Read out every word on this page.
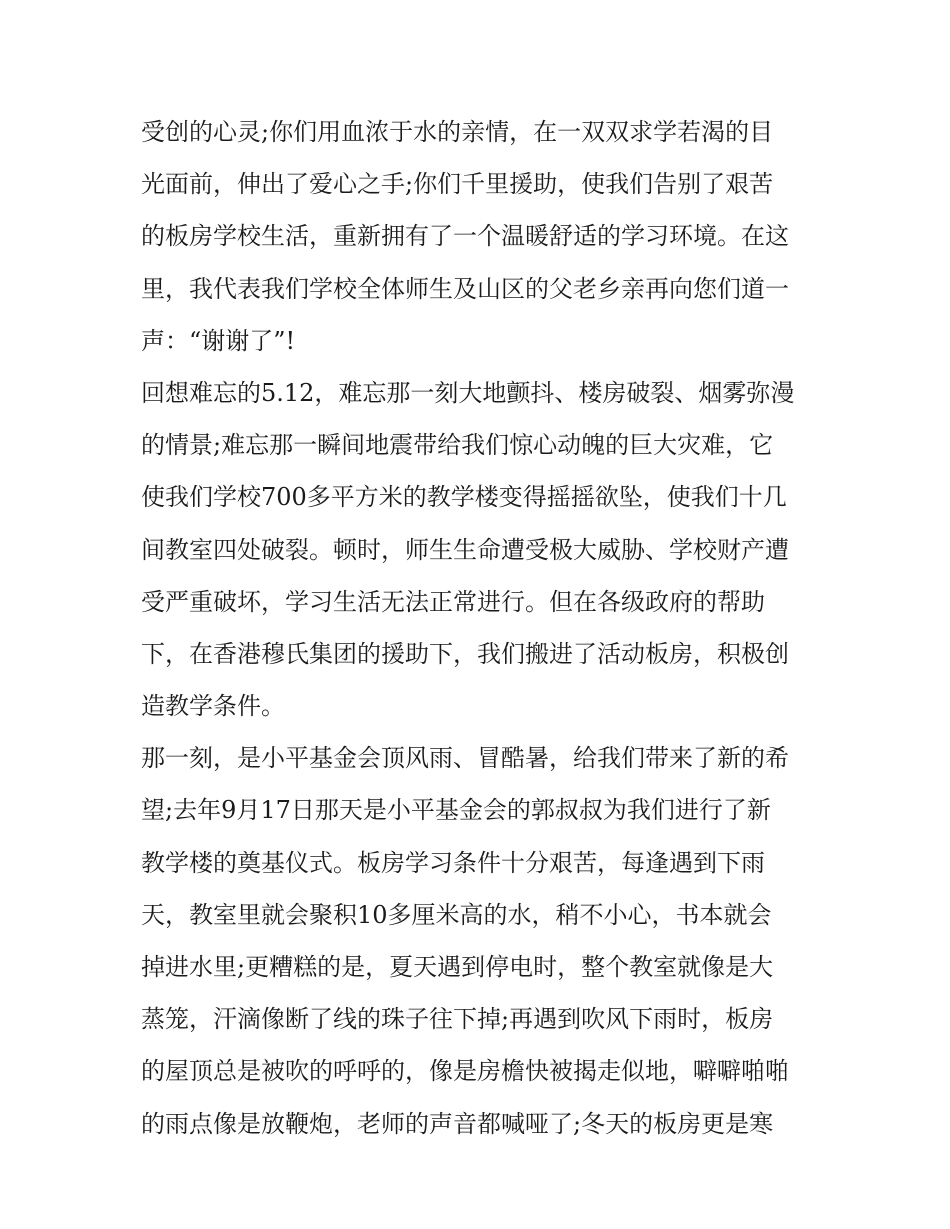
受创的心灵;你们用血浓于水的亲情，在一双双求学若渴的目
光面前，伸出了爱心之手;你们千里援助，使我们告别了艰苦
的板房学校生活，重新拥有了一个温暖舒适的学习环境。在这
里，我代表我们学校全体师生及山区的父老乡亲再向您们道一
声：“谢谢了”!
回想难忘的5.12，难忘那一刻大地颤抖、楼房破裂、烟雾弥漫
的情景;难忘那一瞬间地震带给我们惊心动魄的巨大灾难，它
使我们学校700多平方米的教学楼变得摇摇欲坠，使我们十几
间教室四处破裂。顿时，师生生命遭受极大威胁、学校财产遭
受严重破坏，学习生活无法正常进行。但在各级政府的帮助
下，在香港穆氏集团的援助下，我们搬进了活动板房，积极创
造教学条件。
那一刻，是小平基金会顶风雨、冒酷暑，给我们带来了新的希
望;去年9月17日那天是小平基金会的郭叔叔为我们进行了新
教学楼的奠基仪式。板房学习条件十分艰苦，每逢遇到下雨
天，教室里就会聚积10多厘米高的水，稍不小心，书本就会
掉进水里;更糟糕的是，夏天遇到停电时，整个教室就像是大
蒸笼，汗滴像断了线的珠子往下掉;再遇到吹风下雨时，板房
的屋顶总是被吹的呼呼的，像是房檐快被揭走似地，噼噼啪啪
的雨点像是放鞭炮，老师的声音都喊哑了;冬天的板房更是寒
